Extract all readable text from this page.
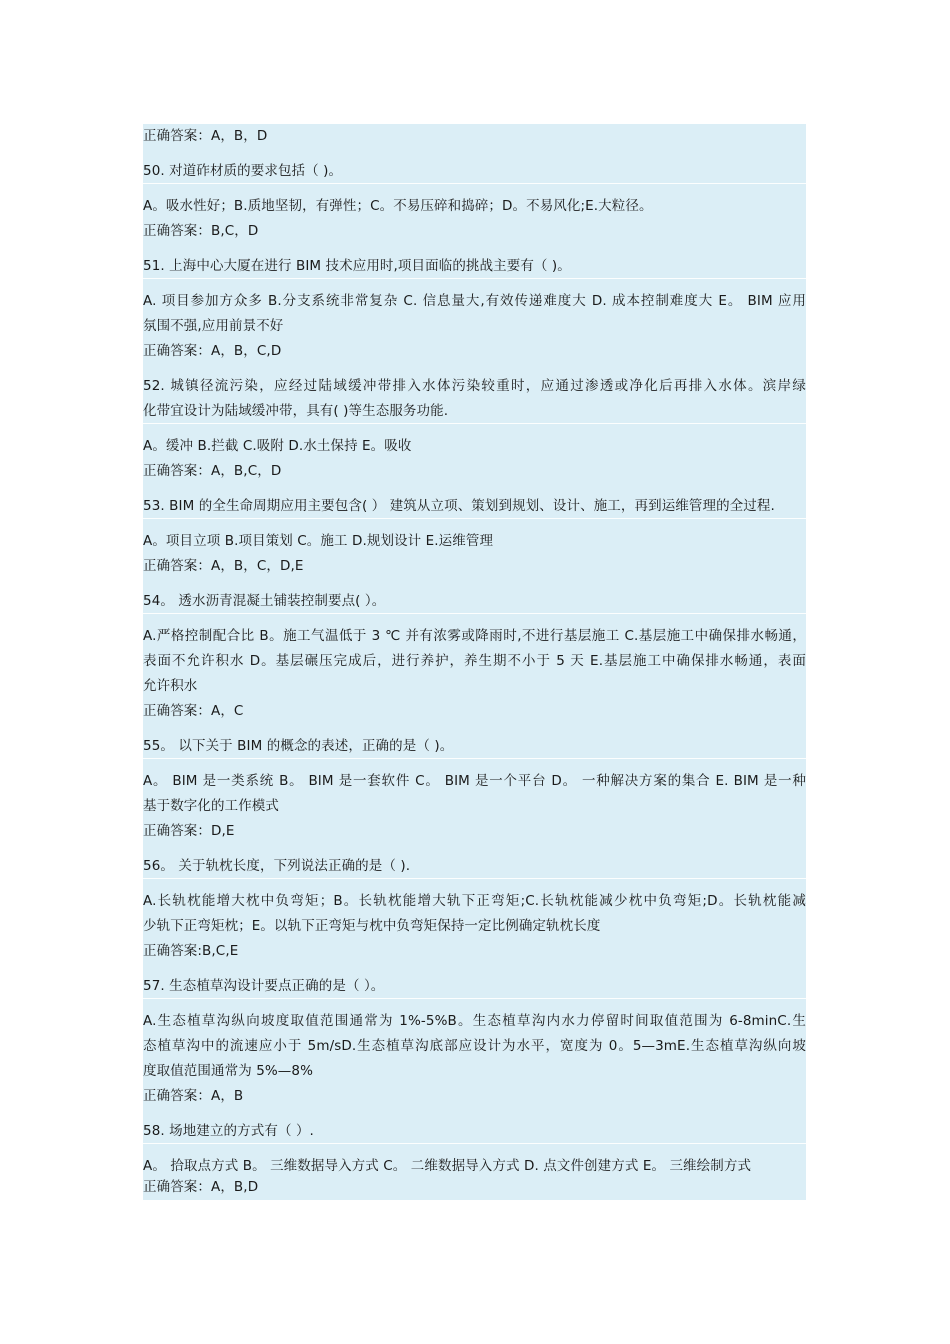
正确答案：A，B，D
50. 对道砟材质的要求包括（ )。
A。吸水性好；B.质地坚韧，有弹性；C。不易压碎和捣碎；D。不易风化;E.大粒径。
正确答案：B,C，D
51. 上海中心大厦在进行 BIM 技术应用时,项目面临的挑战主要有（ )。
A. 项目参加方众多 B.分支系统非常复杂 C. 信息量大,有效传递难度大 D. 成本控制难度大 E。 BIM 应用
氛围不强,应用前景不好
正确答案：A，B，C,D
52. 城镇径流污染，应经过陆域缓冲带排入水体污染较重时，应通过渗透或净化后再排入水体。滨岸绿
化带宜设计为陆域缓冲带，具有( )等生态服务功能.
A。缓冲 B.拦截 C.吸附 D.水土保持 E。吸收
正确答案：A，B,C，D
53. BIM 的全生命周期应用主要包含( ） 建筑从立项、策划到规划、设计、施工，再到运维管理的全过程.
A。项目立项 B.项目策划 C。施工 D.规划设计 E.运维管理
正确答案：A，B，C，D,E
54。 透水沥青混凝土铺装控制要点( ）。
A.严格控制配合比 B。施工气温低于 3 ℃ 并有浓雾或降雨时,不进行基层施工 C.基层施工中确保排水畅通，
表面不允许积水 D。基层碾压完成后，进行养护，养生期不小于 5 天 E.基层施工中确保排水畅通，表面
允许积水
正确答案：A，C
55。 以下关于 BIM 的概念的表述，正确的是（ )。
A。 BIM 是一类系统 B。 BIM 是一套软件 C。 BIM 是一个平台 D。 一种解决方案的集合 E. BIM 是一种
基于数字化的工作模式
正确答案：D,E
56。 关于轨枕长度，下列说法正确的是（ ).
A.长轨枕能增大枕中负弯矩；B。长轨枕能增大轨下正弯矩;C.长轨枕能减少枕中负弯矩;D。长轨枕能减
少轨下正弯矩枕；E。以轨下正弯矩与枕中负弯矩保持一定比例确定轨枕长度
正确答案:B,C,E
57. 生态植草沟设计要点正确的是（ ）。
A.生态植草沟纵向坡度取值范围通常为 1%-5%B。生态植草沟内水力停留时间取值范围为 6-8minC.生
态植草沟中的流速应小于 5m/sD.生态植草沟底部应设计为水平，宽度为 0。5—3mE.生态植草沟纵向坡
度取值范围通常为 5%—8%
正确答案：A，B
58. 场地建立的方式有（ ）.
A。 拾取点方式 B。 三维数据导入方式 C。 二维数据导入方式 D. 点文件创建方式 E。 三维绘制方式
正确答案：A，B,D
